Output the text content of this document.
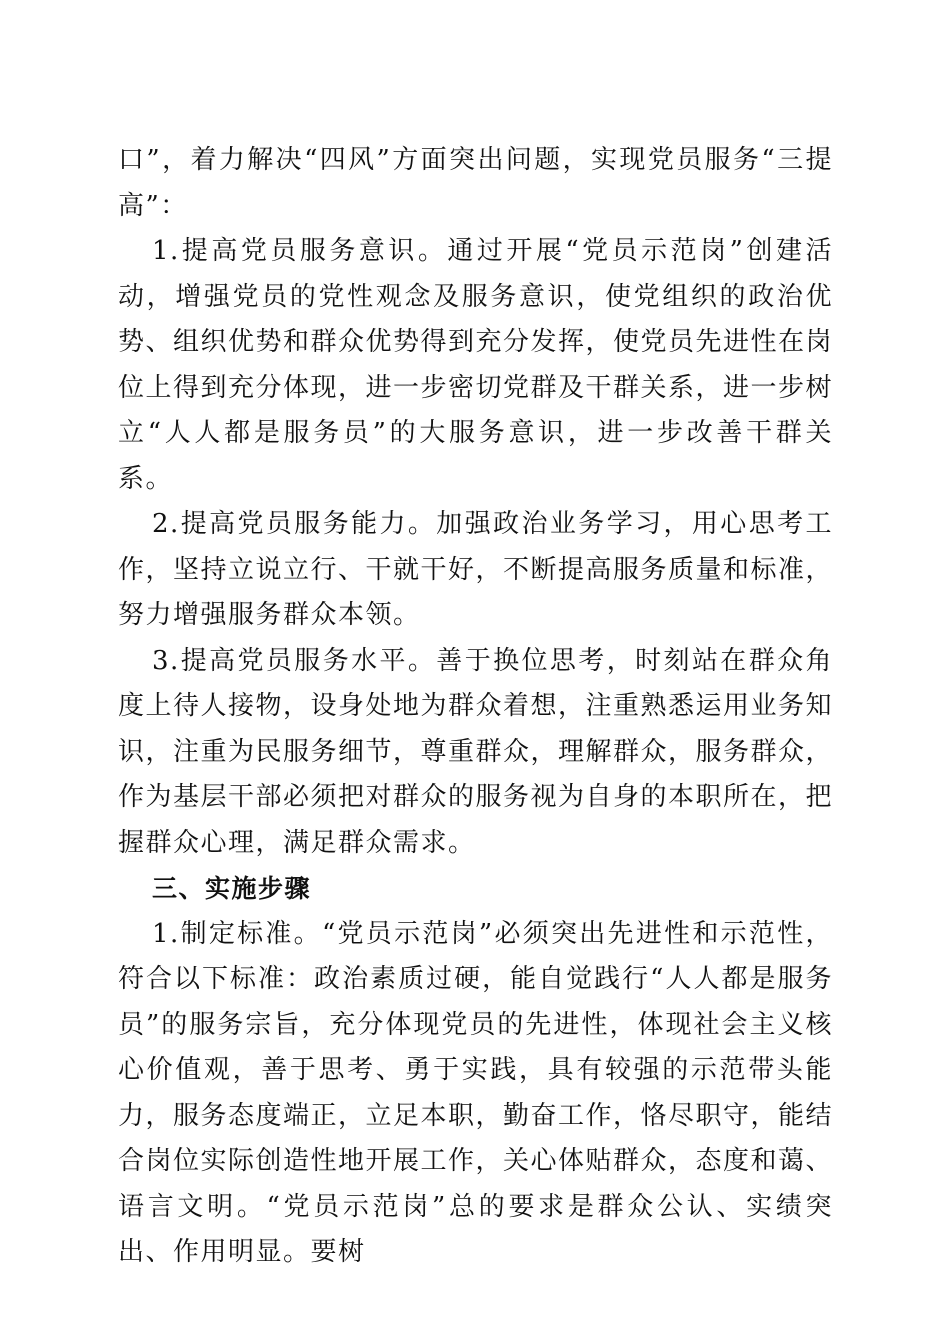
口”，着力解决“四风”方面突出问题，实现党员服务“三提高”：

1.提高党员服务意识。通过开展“党员示范岗”创建活动，增强党员的党性观念及服务意识，使党组织的政治优势、组织优势和群众优势得到充分发挥，使党员先进性在岗位上得到充分体现，进一步密切党群及干群关系，进一步树立“人人都是服务员”的大服务意识，进一步改善干群关系。

2.提高党员服务能力。加强政治业务学习，用心思考工作，坚持立说立行、干就干好，不断提高服务质量和标准，努力增强服务群众本领。

3.提高党员服务水平。善于换位思考，时刻站在群众角度上待人接物，设身处地为群众着想，注重熟悉运用业务知识，注重为民服务细节，尊重群众，理解群众，服务群众，作为基层干部必须把对群众的服务视为自身的本职所在，把握群众心理，满足群众需求。

三、实施步骤

1.制定标准。“党员示范岗”必须突出先进性和示范性，符合以下标准：政治素质过硬，能自觉践行“人人都是服务员”的服务宗旨，充分体现党员的先进性，体现社会主义核心价值观，善于思考、勇于实践，具有较强的示范带头能力，服务态度端正，立足本职，勤奋工作，恪尽职守，能结合岗位实际创造性地开展工作，关心体贴群众，态度和蔼、语言文明。“党员示范岗”总的要求是群众公认、实绩突出、作用明显。要树
